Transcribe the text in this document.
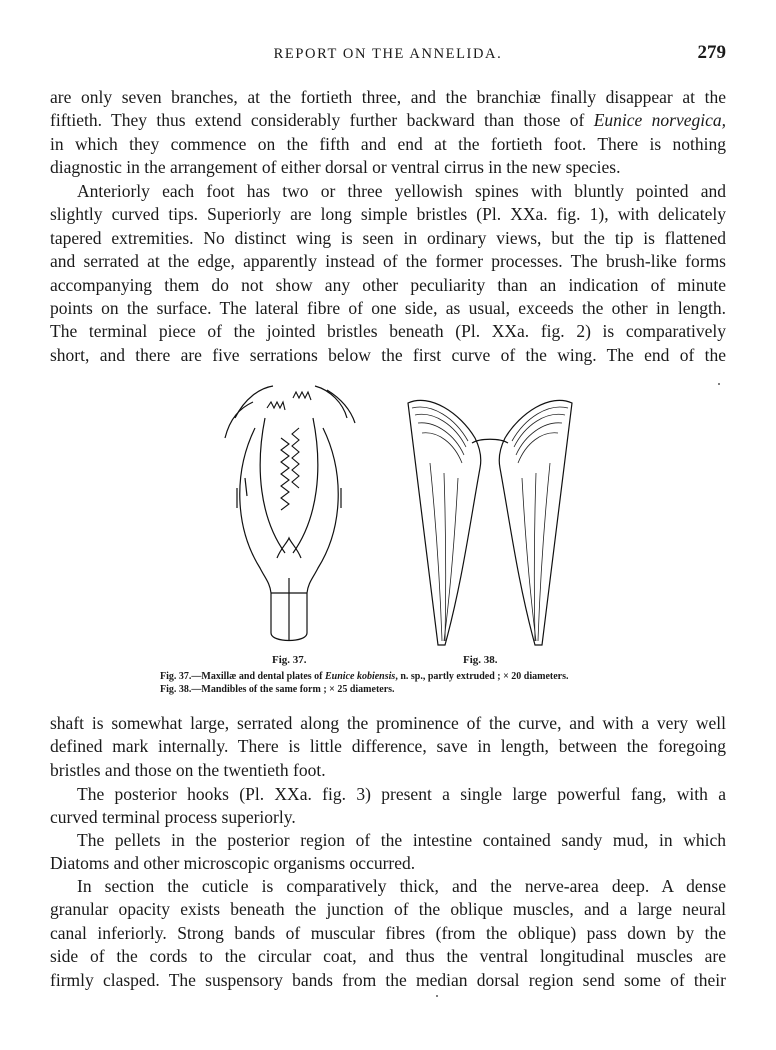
REPORT ON THE ANNELIDA.	279
are only seven branches, at the fortieth three, and the branchiæ finally disappear at the
fiftieth. They thus extend considerably further backward than those of Eunice norvegica,
in which they commence on the fifth and end at the fortieth foot. There is nothing
diagnostic in the arrangement of either dorsal or ventral cirrus in the new species.
Anteriorly each foot has two or three yellowish spines with bluntly pointed and
slightly curved tips. Superiorly are long simple bristles (Pl. XXa. fig. 1), with delicately
tapered extremities. No distinct wing is seen in ordinary views, but the tip is flattened
and serrated at the edge, apparently instead of the former processes. The brush-like forms
accompanying them do not show any other peculiarity than an indication of minute
points on the surface. The lateral fibre of one side, as usual, exceeds the other in length.
The terminal piece of the jointed bristles beneath (Pl. XXa. fig. 2) is comparatively
short, and there are five serrations below the first curve of the wing. The end of the
Fig. 37.	Fig. 38.
Fig. 37.—Maxillæ and dental plates of Eunice kobiensis, n. sp., partly extruded ; × 20 diameters.
Fig. 38.—Mandibles of the same form ; × 25 diameters.
shaft is somewhat large, serrated along the prominence of the curve, and with a very well
defined mark internally. There is little difference, save in length, between the foregoing
bristles and those on the twentieth foot.
The posterior hooks (Pl. XXa. fig. 3) present a single large powerful fang, with a
curved terminal process superiorly.
The pellets in the posterior region of the intestine contained sandy mud, in which
Diatoms and other microscopic organisms occurred.
In section the cuticle is comparatively thick, and the nerve-area deep. A dense
granular opacity exists beneath the junction of the oblique muscles, and a large neural
canal inferiorly. Strong bands of muscular fibres (from the oblique) pass down by the
side of the cords to the circular coat, and thus the ventral longitudinal muscles are
firmly clasped. The suspensory bands from the median dorsal region send some of their
